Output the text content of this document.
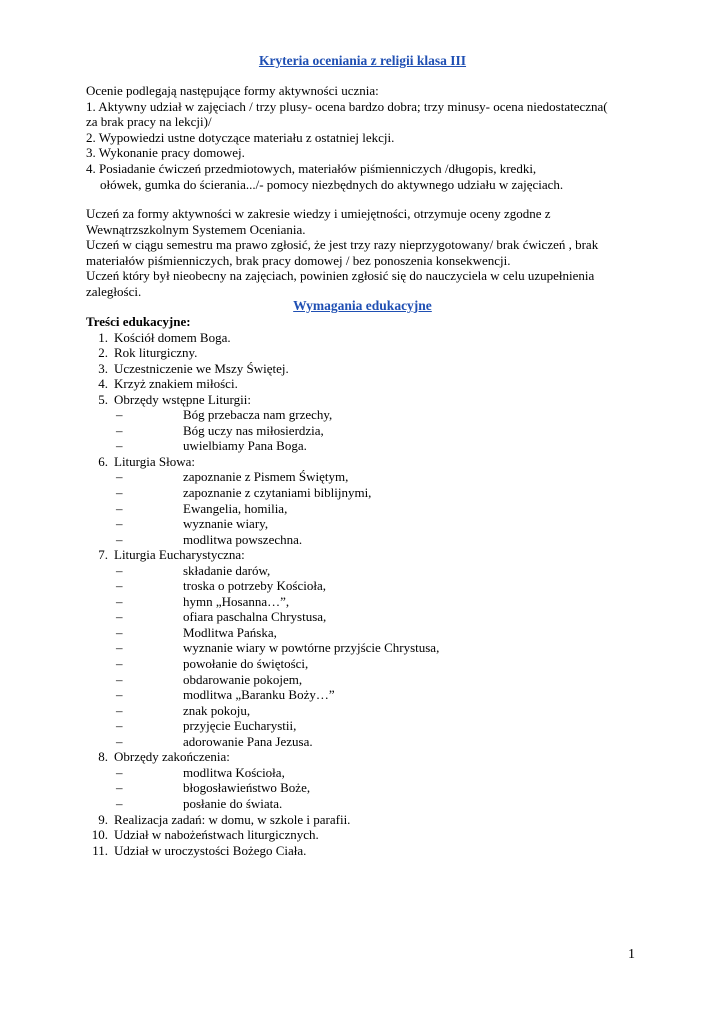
Kryteria oceniania z religii klasa III
Ocenie podlegają następujące formy aktywności ucznia:
1. Aktywny udział w zajęciach / trzy plusy- ocena bardzo dobra; trzy minusy- ocena niedostateczna(
za brak pracy na lekcji)/
2. Wypowiedzi ustne dotyczące materiału z ostatniej lekcji.
3. Wykonanie pracy domowej.
4. Posiadanie ćwiczeń przedmiotowych, materiałów piśmienniczych /długopis, kredki,
ołówek, gumka do ścierania.../- pomocy niezbędnych do aktywnego udziału w zajęciach.
Uczeń za formy aktywności w zakresie wiedzy i umiejętności, otrzymuje oceny zgodne z
Wewnątrzszkolnym Systemem Oceniania.
Uczeń w ciągu semestru ma prawo zgłosić, że jest trzy razy nieprzygotowany/ brak ćwiczeń , brak
materiałów piśmienniczych, brak pracy domowej / bez ponoszenia konsekwencji.
Uczeń który był nieobecny na zajęciach, powinien zgłosić się do nauczyciela w celu uzupełnienia
zaległości.
Wymagania edukacyjne
Treści edukacyjne:
1. Kościół domem Boga.
2. Rok liturgiczny.
3. Uczestniczenie we Mszy Świętej.
4. Krzyż znakiem miłości.
5. Obrzędy wstępne Liturgii:
–	Bóg przebacza nam grzechy,
–	Bóg uczy nas miłosierdzia,
–	uwielbiamy Pana Boga.
6. Liturgia Słowa:
–	zapoznanie z Pismem Świętym,
–	zapoznanie z czytaniami biblijnymi,
–	Ewangelia, homilia,
–	wyznanie wiary,
–	modlitwa powszechna.
7. Liturgia Eucharystyczna:
–	składanie darów,
–	troska o potrzeby Kościoła,
–	hymn „Hosanna…”,
–	ofiara paschalna Chrystusa,
–	Modlitwa Pańska,
–	wyznanie wiary w powtórne przyjście Chrystusa,
–	powołanie do świętości,
–	obdarowanie pokojem,
–	modlitwa „Baranku Boży…”
–	znak pokoju,
–	przyjęcie Eucharystii,
–	adorowanie Pana Jezusa.
8. Obrzędy zakończenia:
–	modlitwa Kościoła,
–	błogosławieństwo Boże,
–	posłanie do świata.
9. Realizacja zadań: w domu, w szkole i parafii.
10. Udział w nabożeństwach liturgicznych.
11. Udział w uroczystości Bożego Ciała.
1
